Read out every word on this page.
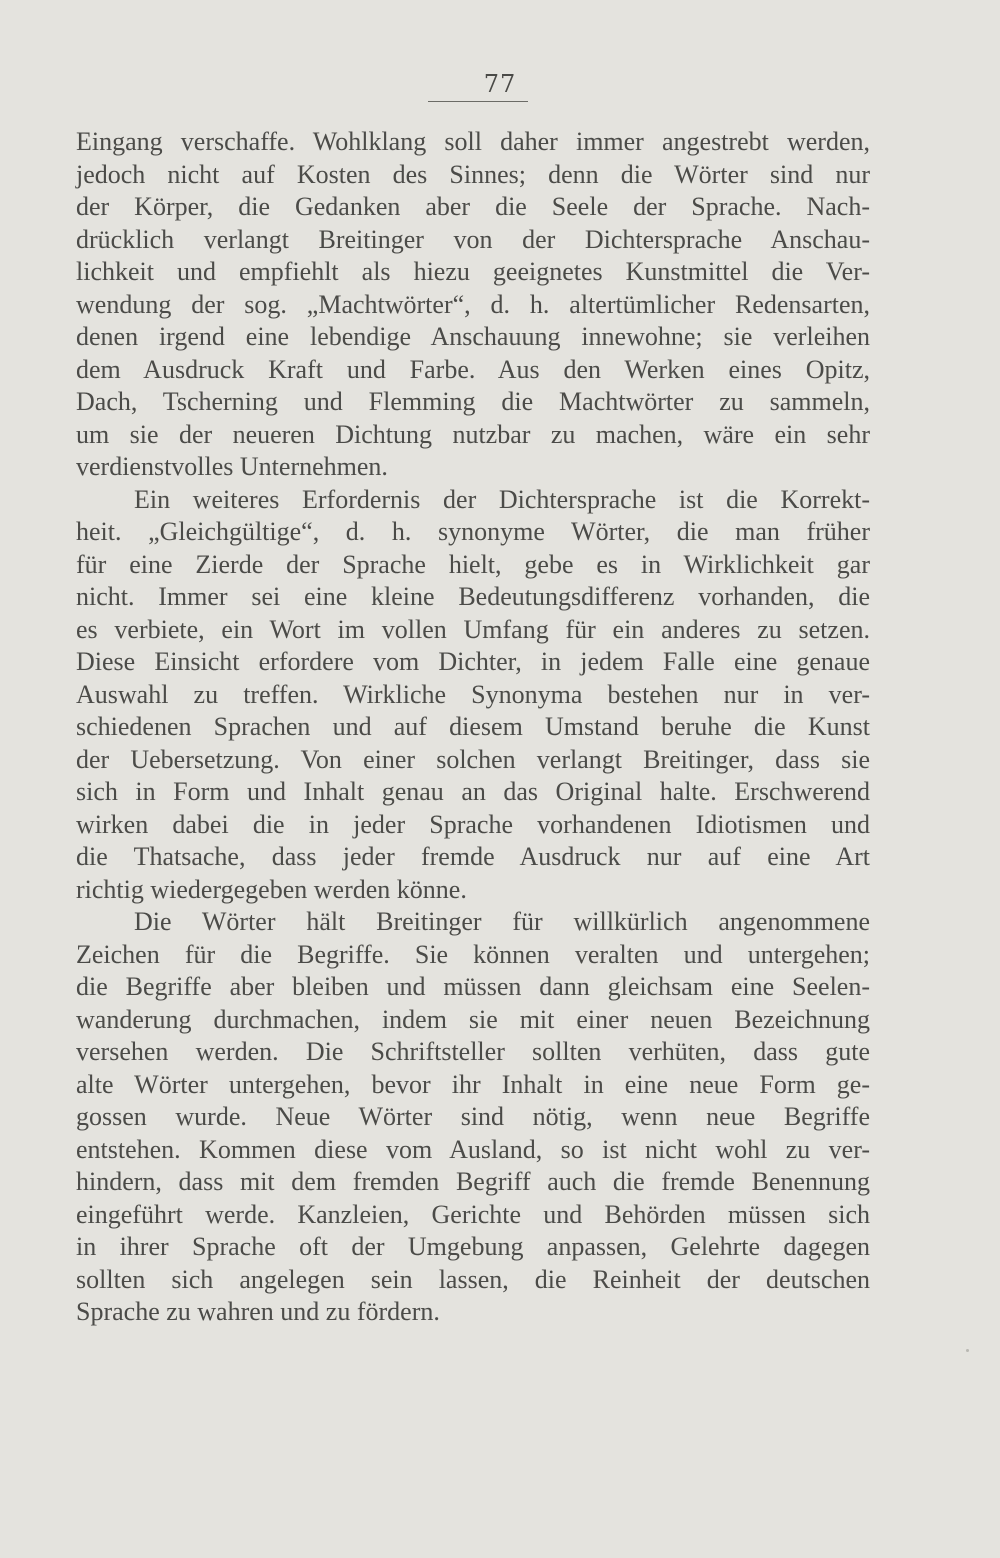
77
Eingang verschaffe. Wohlklang soll daher immer angestrebt werden,
jedoch nicht auf Kosten des Sinnes; denn die Wörter sind nur
der Körper, die Gedanken aber die Seele der Sprache. Nach-
drücklich verlangt Breitinger von der Dichtersprache Anschau-
lichkeit und empfiehlt als hiezu geeignetes Kunstmittel die Ver-
wendung der sog. „Machtwörter“, d. h. altertümlicher Redensarten,
denen irgend eine lebendige Anschauung innewohne; sie verleihen
dem Ausdruck Kraft und Farbe. Aus den Werken eines Opitz,
Dach, Tscherning und Flemming die Machtwörter zu sammeln,
um sie der neueren Dichtung nutzbar zu machen, wäre ein sehr
verdienstvolles Unternehmen.
Ein weiteres Erfordernis der Dichtersprache ist die Korrekt-
heit. „Gleichgültige“, d. h. synonyme Wörter, die man früher
für eine Zierde der Sprache hielt, gebe es in Wirklichkeit gar
nicht. Immer sei eine kleine Bedeutungsdifferenz vorhanden, die
es verbiete, ein Wort im vollen Umfang für ein anderes zu setzen.
Diese Einsicht erfordere vom Dichter, in jedem Falle eine genaue
Auswahl zu treffen. Wirkliche Synonyma bestehen nur in ver-
schiedenen Sprachen und auf diesem Umstand beruhe die Kunst
der Uebersetzung. Von einer solchen verlangt Breitinger, dass sie
sich in Form und Inhalt genau an das Original halte. Erschwerend
wirken dabei die in jeder Sprache vorhandenen Idiotismen und
die Thatsache, dass jeder fremde Ausdruck nur auf eine Art
richtig wiedergegeben werden könne.
Die Wörter hält Breitinger für willkürlich angenommene
Zeichen für die Begriffe. Sie können veralten und untergehen;
die Begriffe aber bleiben und müssen dann gleichsam eine Seelen-
wanderung durchmachen, indem sie mit einer neuen Bezeichnung
versehen werden. Die Schriftsteller sollten verhüten, dass gute
alte Wörter untergehen, bevor ihr Inhalt in eine neue Form ge-
gossen wurde. Neue Wörter sind nötig, wenn neue Begriffe
entstehen. Kommen diese vom Ausland, so ist nicht wohl zu ver-
hindern, dass mit dem fremden Begriff auch die fremde Benennung
eingeführt werde. Kanzleien, Gerichte und Behörden müssen sich
in ihrer Sprache oft der Umgebung anpassen, Gelehrte dagegen
sollten sich angelegen sein lassen, die Reinheit der deutschen
Sprache zu wahren und zu fördern.
